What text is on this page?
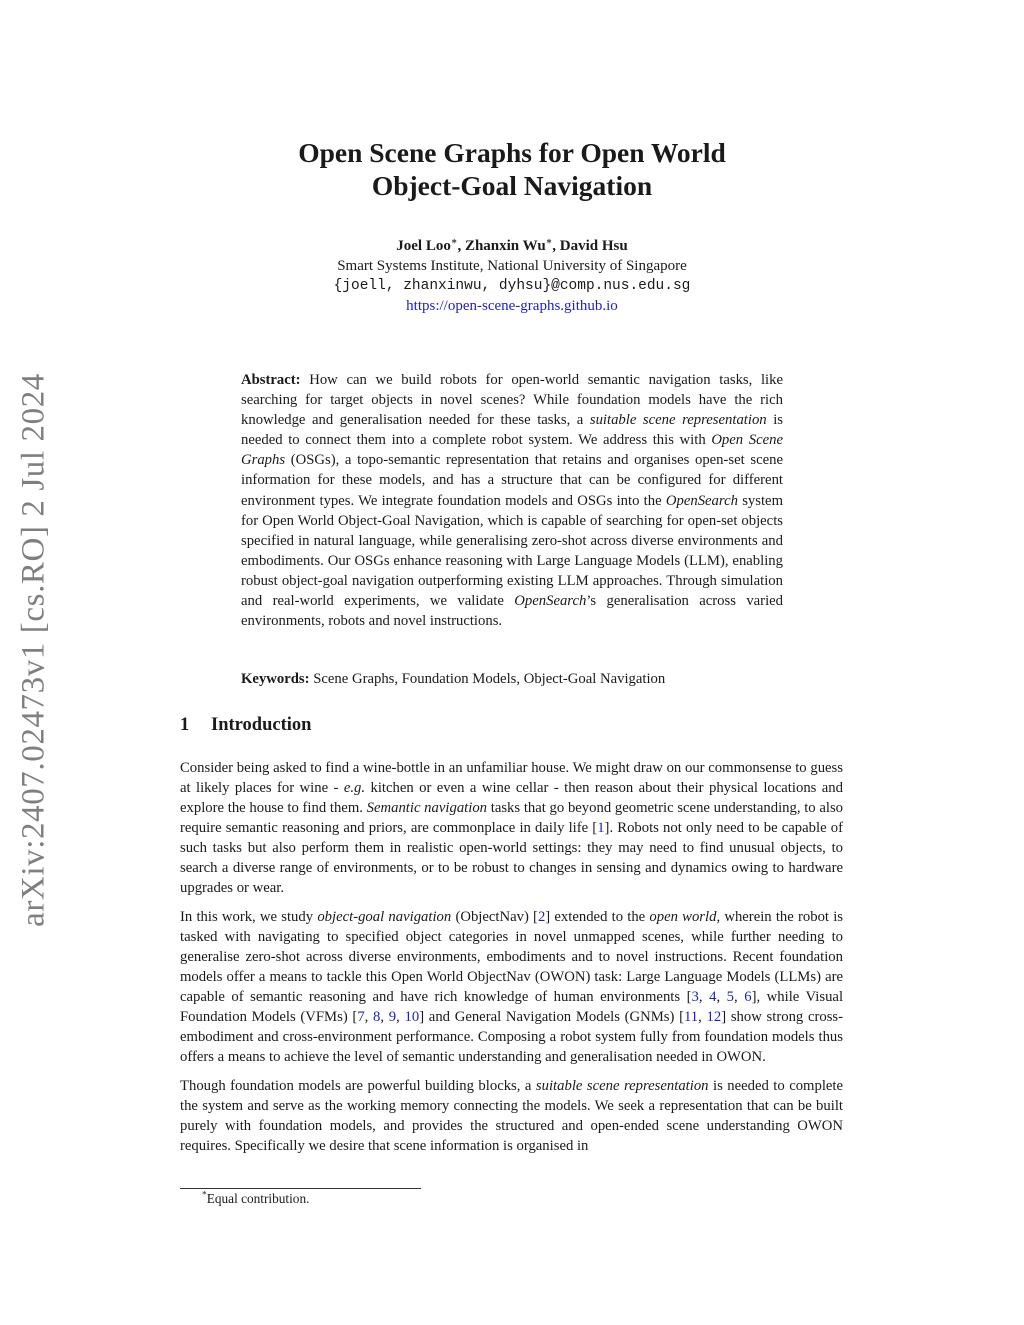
arXiv:2407.02473v1 [cs.RO] 2 Jul 2024
Open Scene Graphs for Open World
Object-Goal Navigation
Joel Loo∗, Zhanxin Wu∗, David Hsu
Smart Systems Institute, National University of Singapore
{joell, zhanxinwu, dyhsu}@comp.nus.edu.sg
https://open-scene-graphs.github.io

Abstract: How can we build robots for open-world semantic navigation tasks, like searching for target objects in novel scenes? While foundation models have the rich knowledge and generalisation needed for these tasks, a suitable scene representation is needed to connect them into a complete robot system. We address this with Open Scene Graphs (OSGs), a topo-semantic representation that retains and organises open-set scene information for these models, and has a structure that can be configured for different environment types. We integrate foundation models and OSGs into the OpenSearch system for Open World Object-Goal Navigation, which is capable of searching for open-set objects specified in natural language, while generalising zero-shot across diverse environments and embodiments. Our OSGs enhance reasoning with Large Language Models (LLM), enabling robust object-goal navigation outperforming existing LLM approaches. Through simulation and real-world experiments, we validate OpenSearch’s generalisation across varied environments, robots and novel instructions.

Keywords: Scene Graphs, Foundation Models, Object-Goal Navigation
1 Introduction

Consider being asked to find a wine-bottle in an unfamiliar house. We might draw on our commonsense to guess at likely places for wine - e.g. kitchen or even a wine cellar - then reason about their physical locations and explore the house to find them. Semantic navigation tasks that go beyond geometric scene understanding, to also require semantic reasoning and priors, are commonplace in daily life [1]. Robots not only need to be capable of such tasks but also perform them in realistic open-world settings: they may need to find unusual objects, to search a diverse range of environments, or to be robust to changes in sensing and dynamics owing to hardware upgrades or wear.

In this work, we study object-goal navigation (ObjectNav) [2] extended to the open world, wherein the robot is tasked with navigating to specified object categories in novel unmapped scenes, while further needing to generalise zero-shot across diverse environments, embodiments and to novel instructions. Recent foundation models offer a means to tackle this Open World ObjectNav (OWON) task: Large Language Models (LLMs) are capable of semantic reasoning and have rich knowledge of human environments [3, 4, 5, 6], while Visual Foundation Models (VFMs) [7, 8, 9, 10] and General Navigation Models (GNMs) [11, 12] show strong cross-embodiment and cross-environment performance. Composing a robot system fully from foundation models thus offers a means to achieve the level of semantic understanding and generalisation needed in OWON.

Though foundation models are powerful building blocks, a suitable scene representation is needed to complete the system and serve as the working memory connecting the models. We seek a representation that can be built purely with foundation models, and provides the structured and open-ended scene understanding OWON requires. Specifically we desire that scene information is organised in

*Equal contribution.
